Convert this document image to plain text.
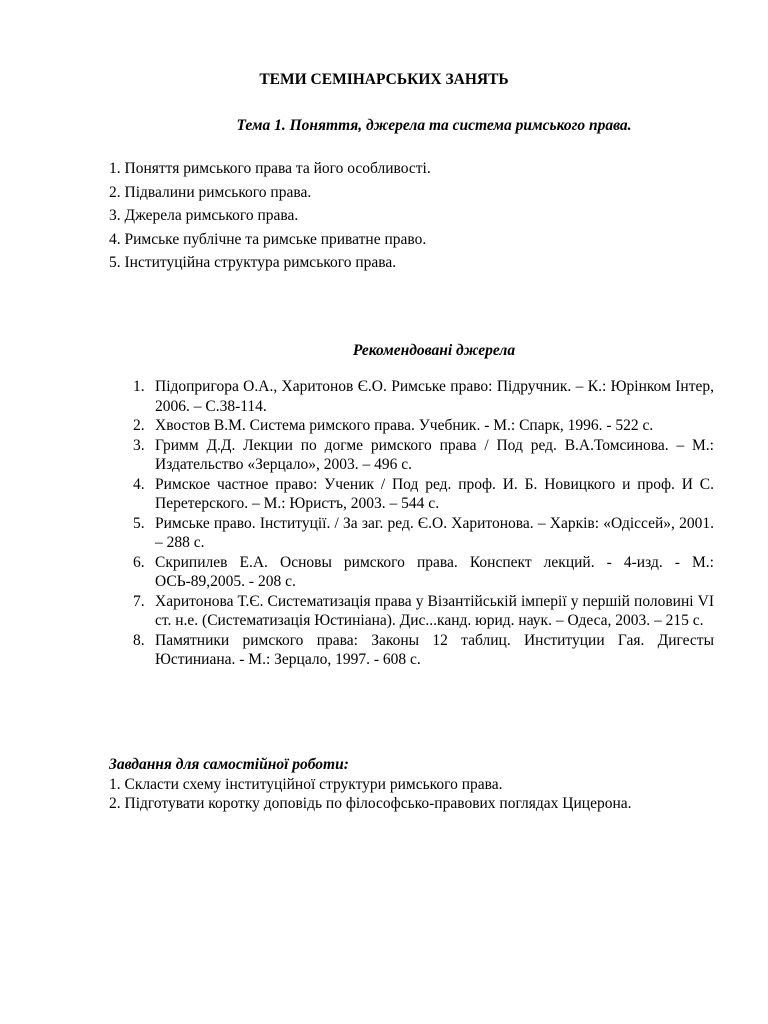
ТЕМИ СЕМІНАРСЬКИХ ЗАНЯТЬ
Тема 1. Поняття, джерела та система римського права.
1. Поняття римського права та його особливості.
2. Підвалини римського права.
3. Джерела римського права.
4. Римське публічне та римське приватне право.
5. Інституційна структура римського права.
Рекомендовані джерела
1. Підопригора О.А., Харитонов Є.О. Римське право: Підручник. – К.: Юрінком Інтер, 2006. – С.38-114.
2. Хвостов В.М. Система римского права. Учебник. - М.: Спарк, 1996. - 522 с.
3. Гримм Д.Д. Лекции по догме римского права / Под ред. В.А.Томсинова. – М.: Издательство «Зерцало», 2003. – 496 с.
4. Римское частное право: Ученик / Под ред. проф. И. Б. Новицкого и проф. И С. Перетерского. – М.: Юристъ, 2003. – 544 с.
5. Римське право. Інституції. / За заг. ред. Є.О. Харитонова. – Харків: «Одіссей», 2001. – 288 с.
6. Скрипилев Е.А. Основы римского права. Конспект лекций. - 4-изд. - М.: ОСЬ-89,2005. - 208 с.
7. Харитонова Т.Є. Систематизація права у Візантійській імперії у першій половині VI ст. н.е. (Систематизація Юстиніана). Дис...канд. юрид. наук. – Одеса, 2003. – 215 с.
8. Памятники римского права: Законы 12 таблиц. Институции Гая. Дигесты Юстиниана. - М.: Зерцало, 1997. - 608 с.
Завдання для самостійної роботи:
1. Скласти схему інституційної структури римського права.
2. Підготувати коротку доповідь по філософсько-правових поглядах Цицерона.
